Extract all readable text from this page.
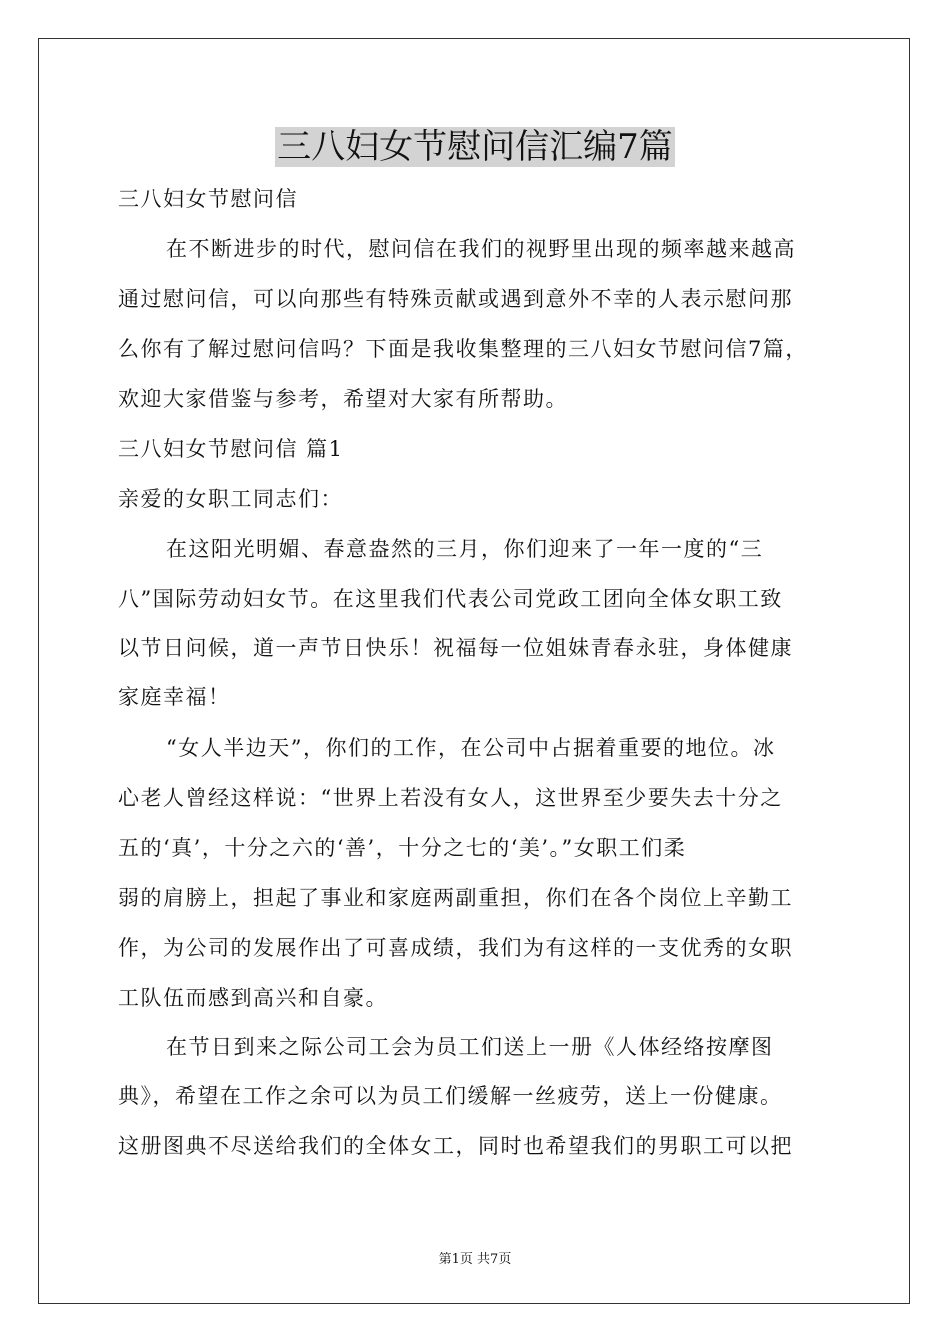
三八妇女节慰问信汇编7篇
三八妇女节慰问信
在不断进步的时代，慰问信在我们的视野里出现的频率越来越高
通过慰问信，可以向那些有特殊贡献或遇到意外不幸的人表示慰问那
么你有了解过慰问信吗？下面是我收集整理的三八妇女节慰问信7篇，
欢迎大家借鉴与参考，希望对大家有所帮助。
三八妇女节慰问信 篇1
亲爱的女职工同志们：
在这阳光明媚、春意盎然的三月，你们迎来了一年一度的“三
八”国际劳动妇女节。在这里我们代表公司党政工团向全体女职工致
以节日问候，道一声节日快乐！祝福每一位姐妹青春永驻，身体健康
家庭幸福！
“女人半边天”，你们的工作，在公司中占据着重要的地位。冰
心老人曾经这样说：“世界上若没有女人，这世界至少要失去十分之
五的‘真’，十分之六的‘善’，十分之七的‘美’。”女职工们柔
弱的肩膀上，担起了事业和家庭两副重担，你们在各个岗位上辛勤工
作，为公司的发展作出了可喜成绩，我们为有这样的一支优秀的女职
工队伍而感到高兴和自豪。
在节日到来之际公司工会为员工们送上一册《人体经络按摩图
典》，希望在工作之余可以为员工们缓解一丝疲劳，送上一份健康。
这册图典不尽送给我们的全体女工，同时也希望我们的男职工可以把
第1页 共7页
